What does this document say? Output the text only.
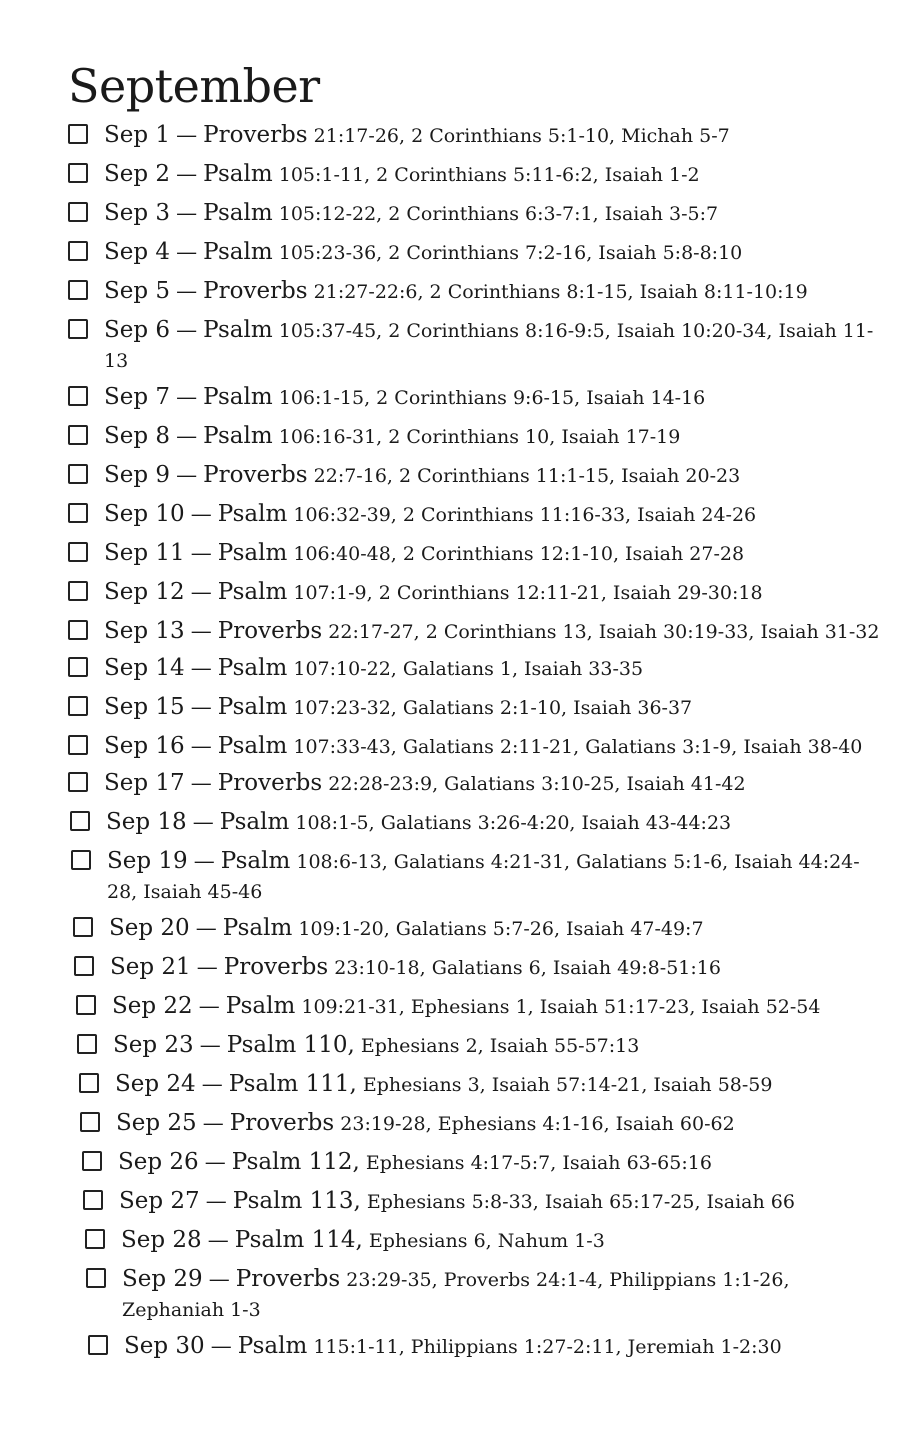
September
Sep 1 — Proverbs 21:17-26, 2 Corinthians 5:1-10, Michah 5-7
Sep 2 — Psalm 105:1-11, 2 Corinthians 5:11-6:2, Isaiah 1-2
Sep 3 — Psalm 105:12-22, 2 Corinthians 6:3-7:1, Isaiah 3-5:7
Sep 4 — Psalm 105:23-36, 2 Corinthians 7:2-16, Isaiah 5:8-8:10
Sep 5 — Proverbs 21:27-22:6, 2 Corinthians 8:1-15, Isaiah 8:11-10:19
Sep 6 — Psalm 105:37-45, 2 Corinthians 8:16-9:5, Isaiah 10:20-34, Isaiah 11-13
Sep 7 — Psalm 106:1-15, 2 Corinthians 9:6-15, Isaiah 14-16
Sep 8 — Psalm 106:16-31, 2 Corinthians 10, Isaiah 17-19
Sep 9 — Proverbs 22:7-16, 2 Corinthians 11:1-15, Isaiah 20-23
Sep 10 — Psalm 106:32-39, 2 Corinthians 11:16-33, Isaiah 24-26
Sep 11 — Psalm 106:40-48, 2 Corinthians 12:1-10, Isaiah 27-28
Sep 12 — Psalm 107:1-9, 2 Corinthians 12:11-21, Isaiah 29-30:18
Sep 13 — Proverbs 22:17-27, 2 Corinthians 13, Isaiah 30:19-33, Isaiah 31-32
Sep 14 — Psalm 107:10-22, Galatians 1, Isaiah 33-35
Sep 15 — Psalm 107:23-32, Galatians 2:1-10, Isaiah 36-37
Sep 16 — Psalm 107:33-43, Galatians 2:11-21, Galatians 3:1-9, Isaiah 38-40
Sep 17 — Proverbs 22:28-23:9, Galatians 3:10-25, Isaiah 41-42
Sep 18 — Psalm 108:1-5, Galatians 3:26-4:20, Isaiah 43-44:23
Sep 19 — Psalm 108:6-13, Galatians 4:21-31, Galatians 5:1-6, Isaiah 44:24-28, Isaiah 45-46
Sep 20 — Psalm 109:1-20, Galatians 5:7-26, Isaiah 47-49:7
Sep 21 — Proverbs 23:10-18, Galatians 6, Isaiah 49:8-51:16
Sep 22 — Psalm 109:21-31, Ephesians 1, Isaiah 51:17-23, Isaiah 52-54
Sep 23 — Psalm 110, Ephesians 2, Isaiah 55-57:13
Sep 24 — Psalm 111, Ephesians 3, Isaiah 57:14-21, Isaiah 58-59
Sep 25 — Proverbs 23:19-28, Ephesians 4:1-16, Isaiah 60-62
Sep 26 — Psalm 112, Ephesians 4:17-5:7, Isaiah 63-65:16
Sep 27 — Psalm 113, Ephesians 5:8-33, Isaiah 65:17-25, Isaiah 66
Sep 28 — Psalm 114, Ephesians 6, Nahum 1-3
Sep 29 — Proverbs 23:29-35, Proverbs 24:1-4, Philippians 1:1-26, Zephaniah 1-3
Sep 30 — Psalm 115:1-11, Philippians 1:27-2:11, Jeremiah 1-2:30
